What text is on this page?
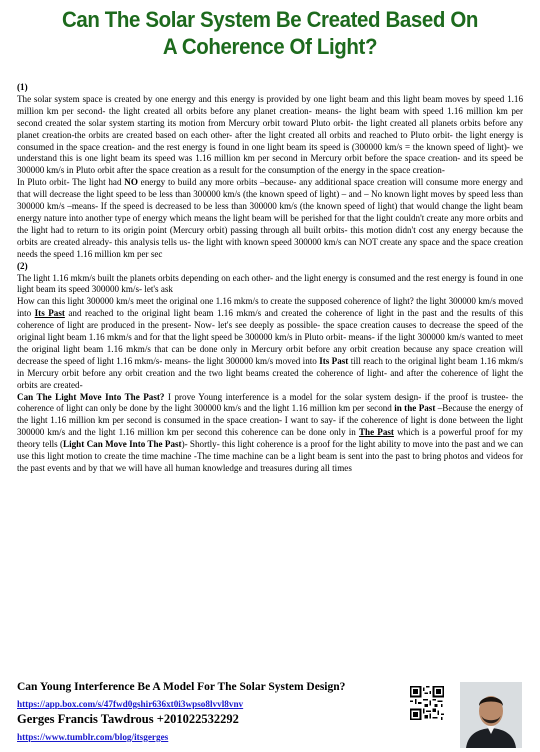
Can The Solar System Be Created Based On
A Coherence Of Light?
(1)

The solar system space is created by one energy and this energy is provided by one light beam and this light beam moves by speed 1.16 million km per second- the light created all orbits before any planet creation- means- the light beam with speed 1.16 million km per second created the solar system starting its motion from Mercury orbit toward Pluto orbit- the light created all planets orbits before any planet creation-the orbits are created based on each other- after the light created all orbits and reached to Pluto orbit- the light energy is consumed in the space creation- and the rest energy is found in one light beam its speed is (300000 km/s = the known speed of light)- we understand this is one light beam its speed was 1.16 million km per second in Mercury orbit before the space creation- and its speed be 300000 km/s in Pluto orbit after the space creation as a result for the consumption of the energy in the space creation-

In Pluto orbit- The light had NO energy to build any more orbits –because- any additional space creation will consume more energy and that will decrease the light speed to be less than 300000 km/s (the known speed of light) – and – No known light moves by speed less than 300000 km/s –means- If the speed is decreased to be less than 300000 km/s (the known speed of light) that would change the light beam energy nature into another type of energy which means the light beam will be perished for that the light couldn't create any more orbits and the light had to return to its origin point (Mercury orbit) passing through all built orbits- this motion didn't cost any energy because the orbits are created already- this analysis tells us- the light with known speed 300000 km/s can NOT create any space and the space creation needs the speed 1.16 million km per sec

(2)

The light 1.16 mkm/s built the planets orbits depending on each other- and the light energy is consumed and the rest energy is found in one light beam its speed 300000 km/s- let's ask

How can this light 300000 km/s meet the original one 1.16 mkm/s to create the supposed coherence of light? the light 300000 km/s moved into Its Past and reached to the original light beam 1.16 mkm/s and created the coherence of light in the past and the results of this coherence of light are produced in the present- Now- let's see deeply as possible- the space creation causes to decrease the speed of the original light beam 1.16 mkm/s and for that the light speed be 300000 km/s in Pluto orbit- means- if the light 300000 km/s wanted to meet the original light beam 1.16 mkm/s that can be done only in Mercury orbit before any orbit creation because any space creation will decrease the speed of light 1.16 mkm/s- means- the light 300000 km/s moved into Its Past till reach to the original light beam 1.16 mkm/s in Mercury orbit before any orbit creation and the two light beams created the coherence of light- and after the coherence of light the orbits are created-

Can The Light Move Into The Past? I prove Young interference is a model for the solar system design- if the proof is trustee- the coherence of light can only be done by the light 300000 km/s and the light 1.16 million km per second in the Past –Because the energy of the light 1.16 million km per second is consumed in the space creation- I want to say- if the coherence of light is done between the light 300000 km/s and the light 1.16 million km per second this coherence can be done only in The Past which is a powerful proof for my theory tells (Light Can Move Into The Past)- Shortly- this light coherence is a proof for the light ability to move into the past and we can use this light motion to create the time machine -The time machine can be a light beam is sent into the past to bring photos and videos for the past events and by that we will have all human knowledge and treasures during all times

Can Young Interference Be A Model For The Solar System Design?
https://app.box.com/s/47fwd0gshir636xt0i3wpso8lvvl8vnv
Gerges Francis Tawdrous +201022532292
https://www.tumblr.com/blog/itsgerges
